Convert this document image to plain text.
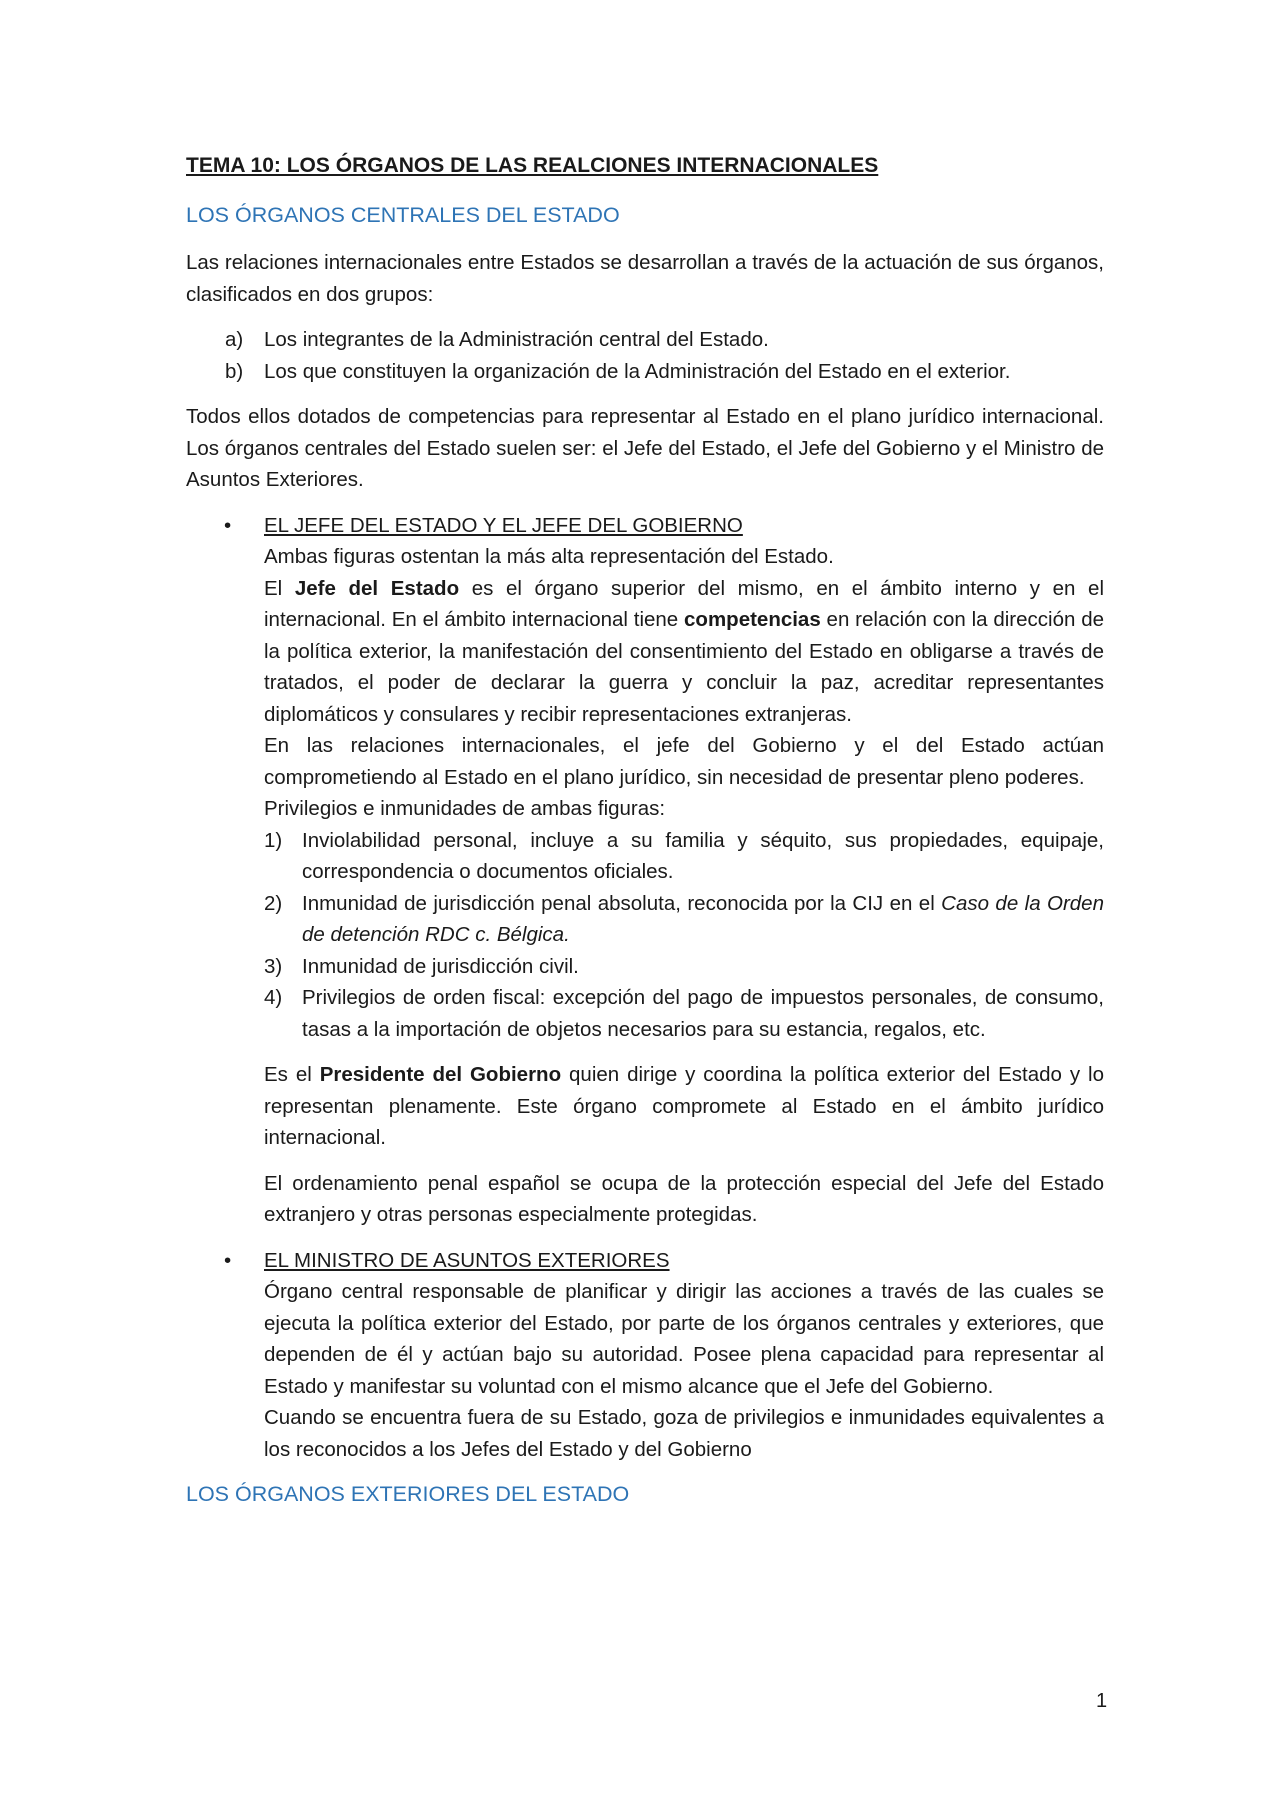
TEMA 10: LOS ÓRGANOS DE LAS REALCIONES INTERNACIONALES
LOS ÓRGANOS CENTRALES DEL ESTADO
Las relaciones internacionales entre Estados se desarrollan a través de la actuación de sus órganos, clasificados en dos grupos:
a) Los integrantes de la Administración central del Estado.
b) Los que constituyen la organización de la Administración del Estado en el exterior.
Todos ellos dotados de competencias para representar al Estado en el plano jurídico internacional. Los órganos centrales del Estado suelen ser: el Jefe del Estado, el Jefe del Gobierno y el Ministro de Asuntos Exteriores.
• EL JEFE DEL ESTADO Y EL JEFE DEL GOBIERNO
Ambas figuras ostentan la más alta representación del Estado.
El Jefe del Estado es el órgano superior del mismo, en el ámbito interno y en el internacional. En el ámbito internacional tiene competencias en relación con la dirección de la política exterior, la manifestación del consentimiento del Estado en obligarse a través de tratados, el poder de declarar la guerra y concluir la paz, acreditar representantes diplomáticos y consulares y recibir representaciones extranjeras.
En las relaciones internacionales, el jefe del Gobierno y el del Estado actúan comprometiendo al Estado en el plano jurídico, sin necesidad de presentar pleno poderes.
Privilegios e inmunidades de ambas figuras:
1) Inviolabilidad personal, incluye a su familia y séquito, sus propiedades, equipaje, correspondencia o documentos oficiales.
2) Inmunidad de jurisdicción penal absoluta, reconocida por la CIJ en el Caso de la Orden de detención RDC c. Bélgica.
3) Inmunidad de jurisdicción civil.
4) Privilegios de orden fiscal: excepción del pago de impuestos personales, de consumo, tasas a la importación de objetos necesarios para su estancia, regalos, etc.
Es el Presidente del Gobierno quien dirige y coordina la política exterior del Estado y lo representan plenamente. Este órgano compromete al Estado en el ámbito jurídico internacional.
El ordenamiento penal español se ocupa de la protección especial del Jefe del Estado extranjero y otras personas especialmente protegidas.
• EL MINISTRO DE ASUNTOS EXTERIORES
Órgano central responsable de planificar y dirigir las acciones a través de las cuales se ejecuta la política exterior del Estado, por parte de los órganos centrales y exteriores, que dependen de él y actúan bajo su autoridad. Posee plena capacidad para representar al Estado y manifestar su voluntad con el mismo alcance que el Jefe del Gobierno.
Cuando se encuentra fuera de su Estado, goza de privilegios e inmunidades equivalentes a los reconocidos a los Jefes del Estado y del Gobierno
LOS ÓRGANOS EXTERIORES DEL ESTADO
1
